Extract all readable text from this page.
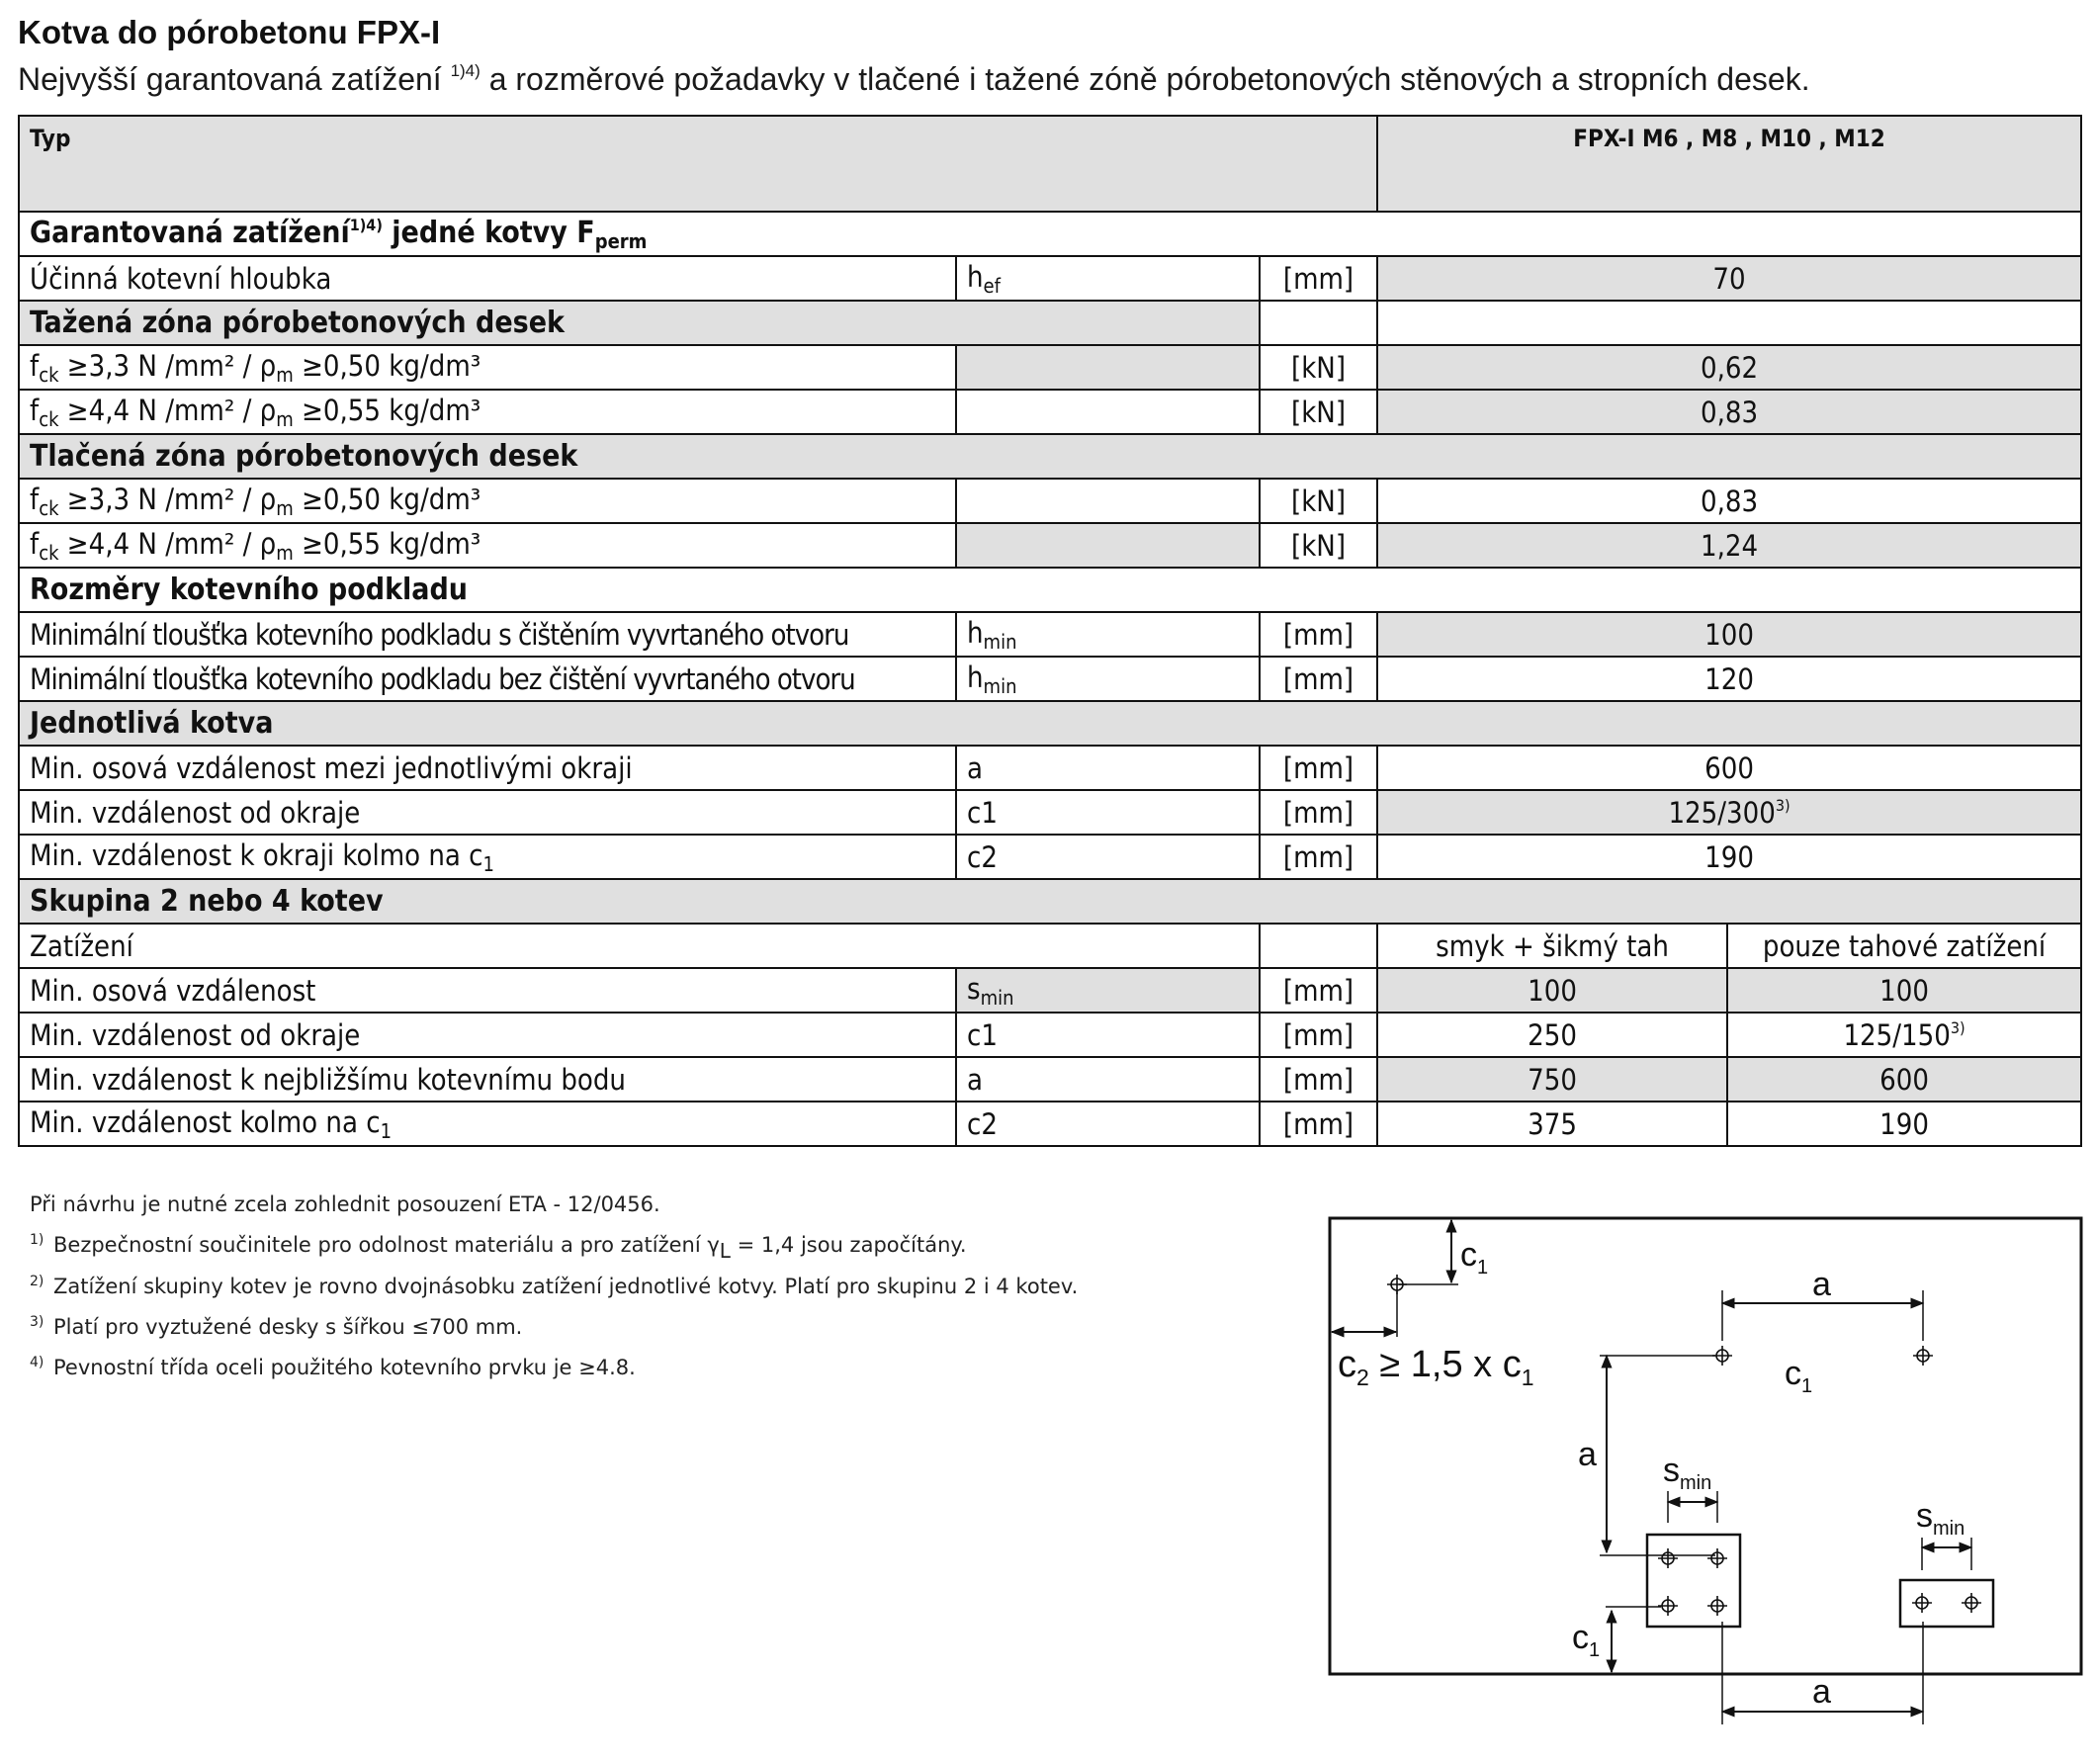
Kotva do pórobetonu FPX-I
Nejvyšší garantovaná zatížení $^{1)4)}$ a rozměrové požadavky v tlačené i tažené zóně pórobetonových stěnových a stropních desek.
Typ			FPX-I M6 , M8 , M10 , M12	
Garantovaná zatížení$^{1)4)}$ jedné kotvy $F_{perm}$
Účinná kotevní hloubka	$h_{ef}$	[mm]	70	
Tažená zóna pórobetonových desek				
$f_{ck} \ge 3,3$ N $/mm^2 / \rho_m \ge 0,50$ kg/dm³		[kN]	0,62	
$f_{ck} \ge 4,4$ N $/mm^2 / \rho_m \ge 0,55$ kg/dm³		[kN]	0,83	
Tlačená zóna pórobetonových desek				
$f_{ck} \ge 3,3$ N $/mm^2 / \rho_m \ge 0,50$ kg/dm³		[kN]	0,83	
$f_{ck} \ge 4,4$ N $/mm^2 / \rho_m \ge 0,55$ kg/dm³		[kN]	1,24	
Rozměry kotevního podkladu				
Minimální tloušťka kotevního podkladu s čištěním vyvrtaného otvoru	$h_{min}$	[mm]	100	
Minimální tloušťka kotevního podkladu bez čištění vyvrtaného otvoru	$h_{min}$	[mm]	120	
Jednotlivá kotva				
Min. osová vzdálenost mezi jednotlivými okraji	a	[mm]	600	
Min. vzdálenost od okraje	c1	[mm]	125/300$^{3)}$
Min. vzdálenost k okraji kolmo na $c_1$	c2	[mm]	190	
Skupina 2 nebo 4 kotev				
Zatížení			smyk + šikmý tah	pouze tahové zatížení
Min. osová vzdálenost	$s_{min}$	[mm]	100	100
Min. vzdálenost od okraje	c1	[mm]	250	125/150$^{3)}$
Min. vzdálenost k nejbližšímu kotevnímu bodu	a	[mm]	750	600
Min. vzdálenost kolmo na $c_1$	c2	[mm]	375	190
Při návrhu je nutné zcela zohlednit posouzení ETA - 12/0456.
1) Bezpečnostní součinitele pro odolnost materiálu a pro zatížení γL = 1,4 jsou započítány.
2) Zatížení skupiny kotev je rovno dvojnásobku zatížení jednotlivé kotvy. Platí pro skupinu 2 i 4 kotev.
3) Platí pro vyztužené desky s šířkou ≤700 mm.
4) Pevnostní třída oceli použitého kotevního prvku je ≥4.8.
$c_1$
$c_2 \ge 1,5$ x $c_1$
a
$c_1$
a $s_{min}$
$c_1$
$s_{min}$
a
